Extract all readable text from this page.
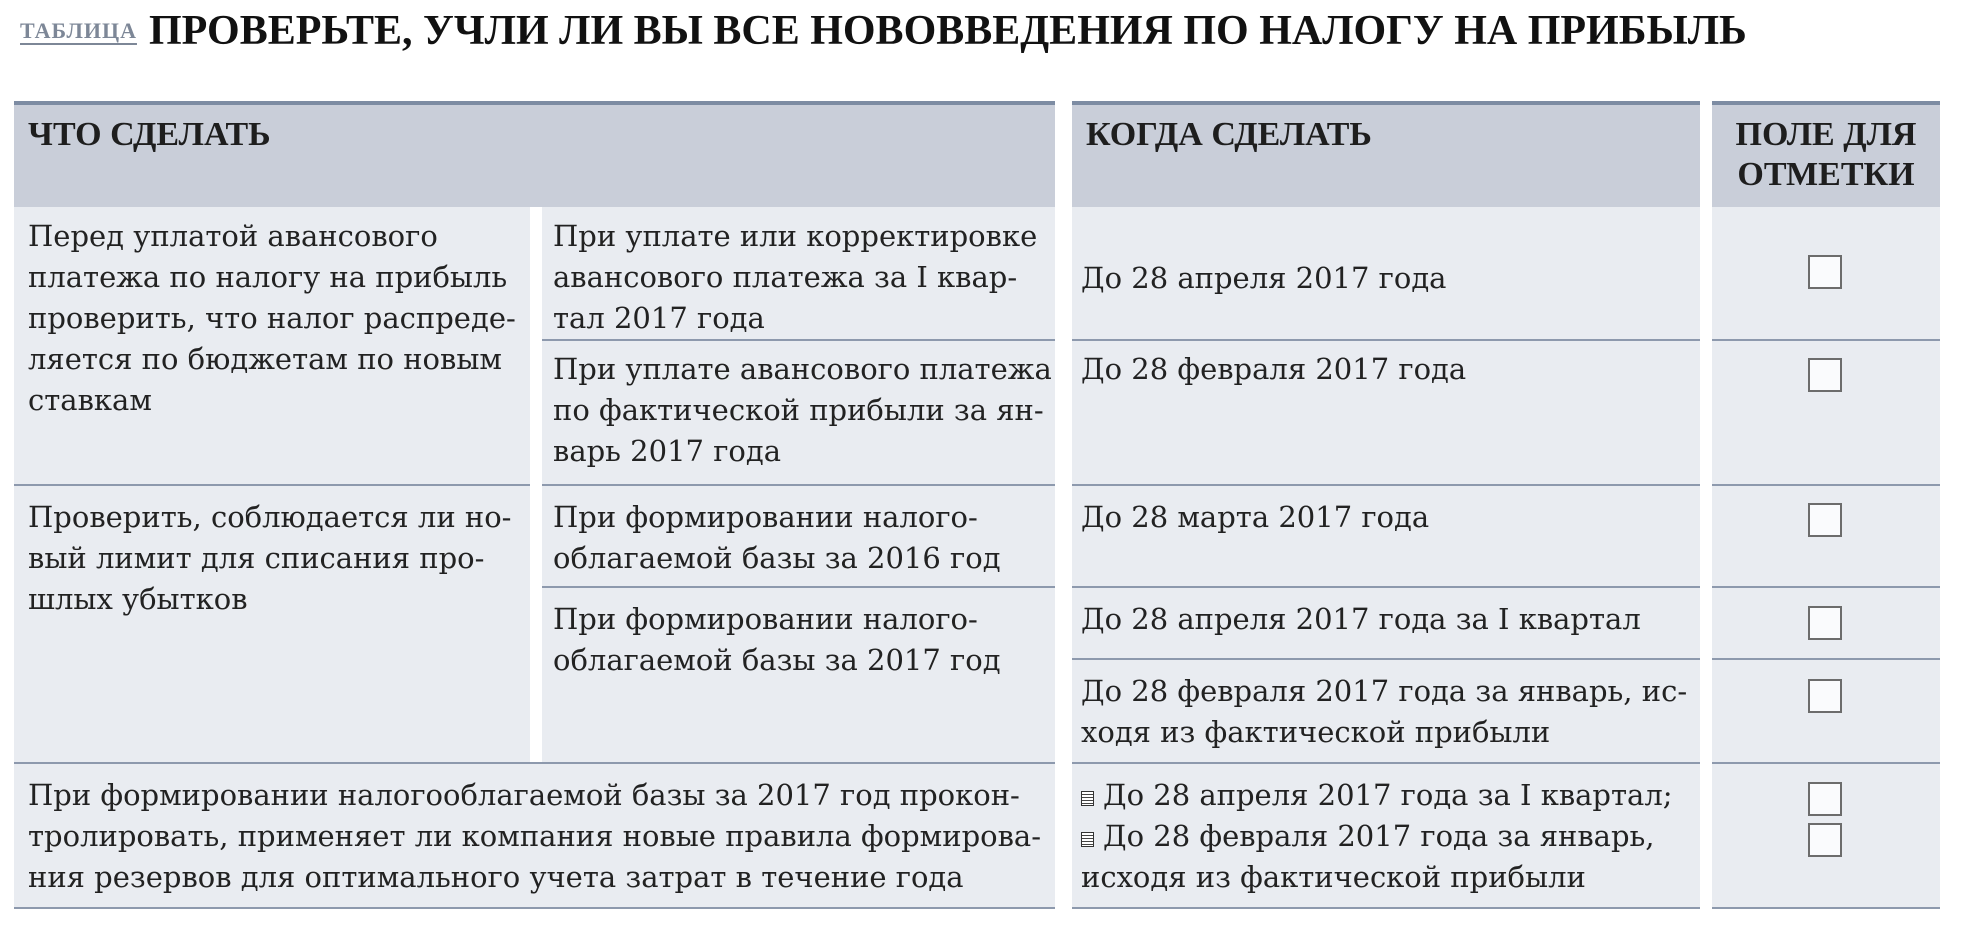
ТАБЛИЦА ПРОВЕРЬТЕ, УЧЛИ ЛИ ВЫ ВСЕ НОВОВВЕДЕНИЯ ПО НАЛОГУ НА ПРИБЫЛЬ
ЧТО СДЕЛАТЬ	КОГДА СДЕЛАТЬ	ПОЛЕ ДЛЯ
ОТМЕТКИ
Перед уплатой авансового
платежа по налогу на прибыль
проверить, что налог распреде-
ляется по бюджетам по новым
ставкам
При уплате или корректировке
авансового платежа за I квар-
тал 2017 года
До 28 апреля 2017 года
При уплате авансового платежа
по фактической прибыли за ян-
варь 2017 года
До 28 февраля 2017 года
Проверить, соблюдается ли но-
вый лимит для списания про-
шлых убытков
При формировании налого-
облагаемой базы за 2016 год
До 28 марта 2017 года
При формировании налого-
облагаемой базы за 2017 год
До 28 апреля 2017 года за I квартал
До 28 февраля 2017 года за январь, ис-
ходя из фактической прибыли
При формировании налогооблагаемой базы за 2017 год прокон-
тролировать, применяет ли компания новые правила формирова-
ния резервов для оптимального учета затрат в течение года
До 28 апреля 2017 года за I квартал;
До 28 февраля 2017 года за январь,
исходя из фактической прибыли
